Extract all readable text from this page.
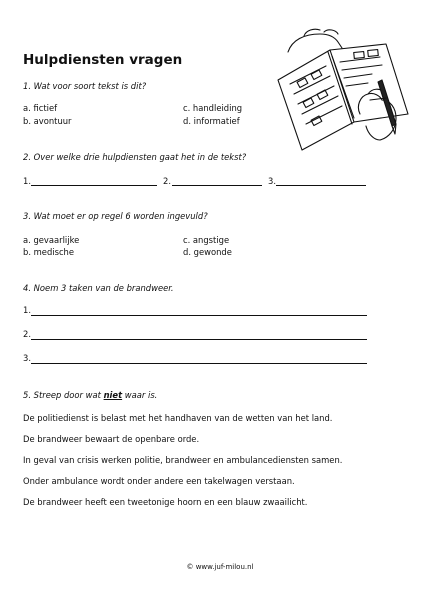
Hulpdiensten vragen
1. Wat voor soort tekst is dit?
a. fictief	c. handleiding
b. avontuur	d. informatief
2. Over welke drie hulpdiensten gaat het in de tekst?
1.	2.	3.
3. Wat moet er op regel 6 worden ingevuld?
a. gevaarlijke	c. angstige
b. medische	d. gewonde
4. Noem 3 taken van de brandweer.
1.
2.
3.
5. Streep door wat niet waar is.
De politiedienst is belast met het handhaven van de wetten van het land.
De brandweer bewaart de openbare orde.
In geval van crisis werken politie, brandweer en ambulancediensten samen.
Onder ambulance wordt onder andere een takelwagen verstaan.
De brandweer heeft een tweetonige hoorn en een blauw zwaailicht.
© www.juf-milou.nl
